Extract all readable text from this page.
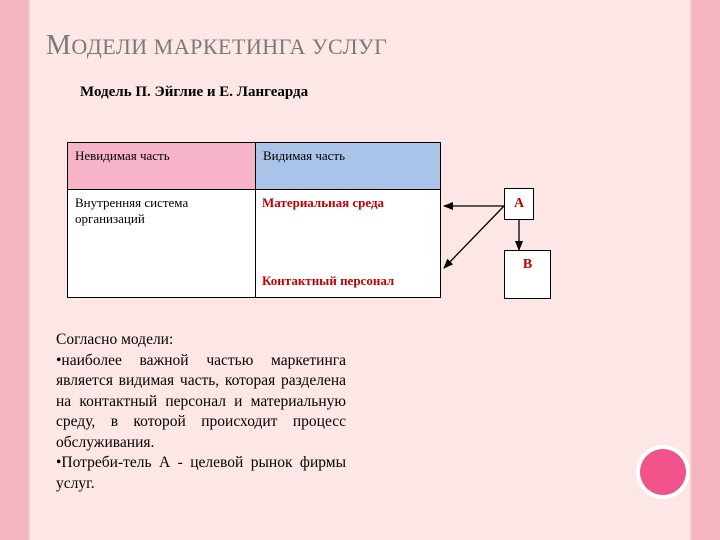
МОДЕЛИ МАРКЕТИНГА УСЛУГ
Модель П. Эйглие и Е. Лангеарда
Невидимая часть	Видимая часть
Внутренняя система организаций
Материальная среда
Контактный персонал
А
В

Согласно модели:

•наиболее важной частью маркетинга является видимая часть, которая разделена на контактный персонал и материальную среду, в которой происходит процесс обслуживания.

•Потреби-тель А - целевой рынок фирмы услуг.
